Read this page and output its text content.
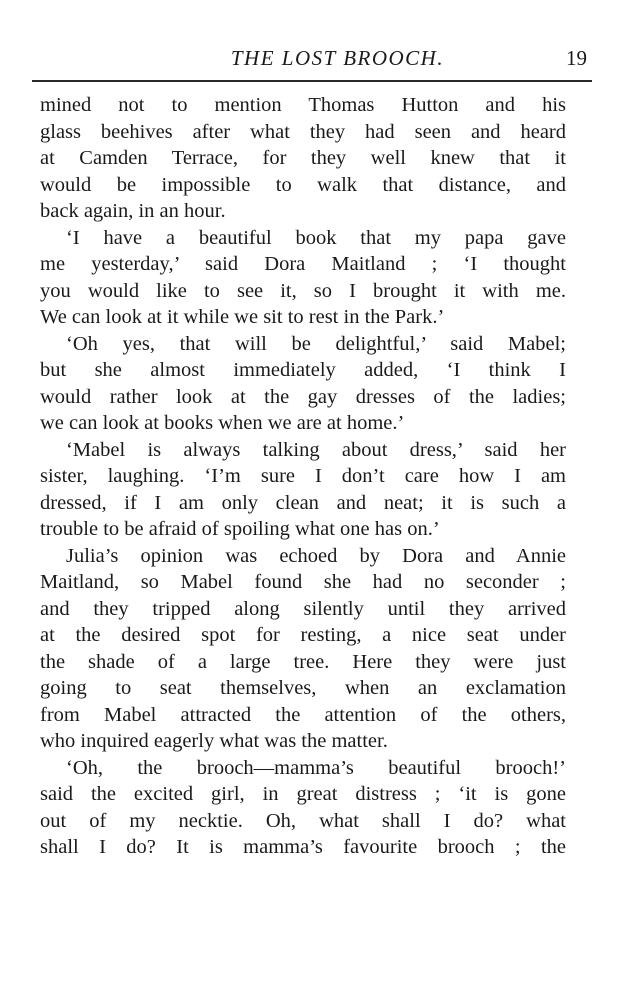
THE LOST BROOCH.	19
mined not to mention Thomas Hutton and his
glass beehives after what they had seen and heard
at Camden Terrace, for they well knew that it
would be impossible to walk that distance, and
back again, in an hour.
‘I have a beautiful book that my papa gave
me yesterday,’ said Dora Maitland ; ‘I thought
you would like to see it, so I brought it with me.
We can look at it while we sit to rest in the Park.’
‘Oh yes, that will be delightful,’ said Mabel;
but she almost immediately added, ‘I think I
would rather look at the gay dresses of the ladies;
we can look at books when we are at home.’
‘Mabel is always talking about dress,’ said her
sister, laughing. ‘I’m sure I don’t care how I am
dressed, if I am only clean and neat; it is such a
trouble to be afraid of spoiling what one has on.’
Julia’s opinion was echoed by Dora and Annie
Maitland, so Mabel found she had no seconder ;
and they tripped along silently until they arrived
at the desired spot for resting, a nice seat under
the shade of a large tree. Here they were just
going to seat themselves, when an exclamation
from Mabel attracted the attention of the others,
who inquired eagerly what was the matter.
‘Oh, the brooch—mamma’s beautiful brooch!’
said the excited girl, in great distress ; ‘it is gone
out of my necktie. Oh, what shall I do? what
shall I do? It is mamma’s favourite brooch ; the
